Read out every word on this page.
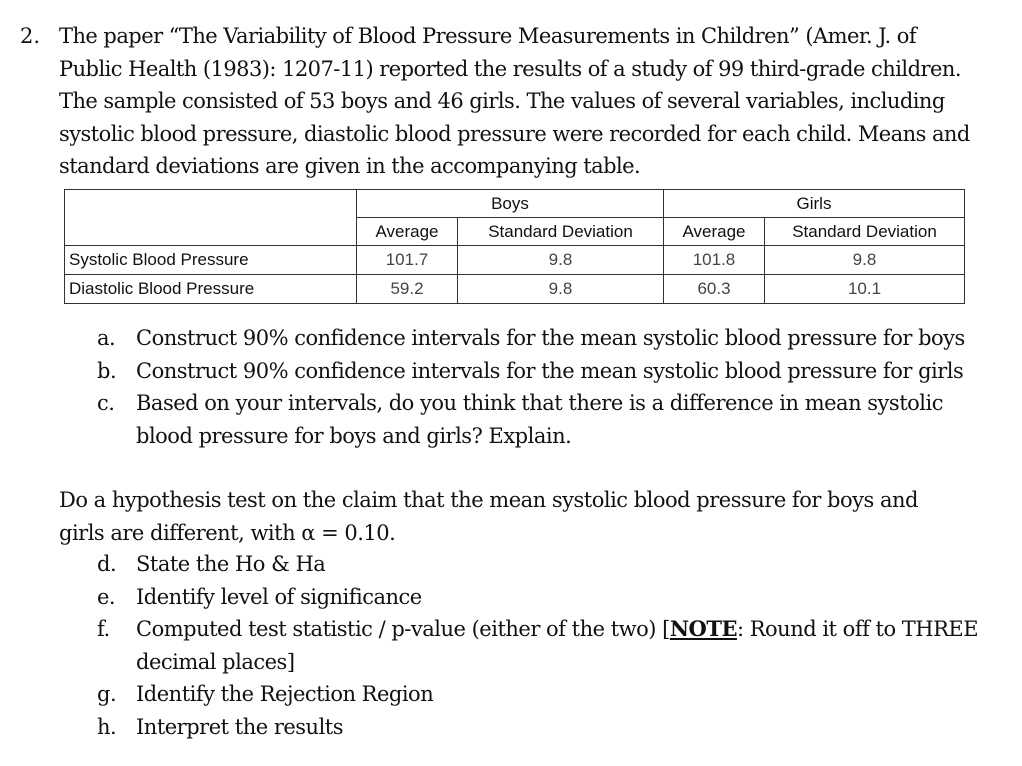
2. The paper “The Variability of Blood Pressure Measurements in Children” (Amer. J. of
Public Health (1983): 1207-11) reported the results of a study of 99 third-grade children.
The sample consisted of 53 boys and 46 girls. The values of several variables, including
systolic blood pressure, diastolic blood pressure were recorded for each child. Means and
standard deviations are given in the accompanying table.
	Boys		Girls	
	Average	Standard Deviation	Average	Standard Deviation
Systolic Blood Pressure	101.7	9.8	101.8	9.8
Diastolic Blood Pressure	59.2	9.8	60.3	10.1
a. Construct 90% confidence intervals for the mean systolic blood pressure for boys
b. Construct 90% confidence intervals for the mean systolic blood pressure for girls
c.	Based on your intervals, do you think that there is a difference in mean systolic
blood pressure for boys and girls? Explain.
Do a hypothesis test on the claim that the mean systolic blood pressure for boys and
girls are different, with α = 0.10.
d. State the Ho & Ha
e. Identify level of significance
f.	Computed test statistic / p-value (either of the two) [NOTE: Round it off to THREE
decimal places]
g. Identify the Rejection Region
h. Interpret the results
